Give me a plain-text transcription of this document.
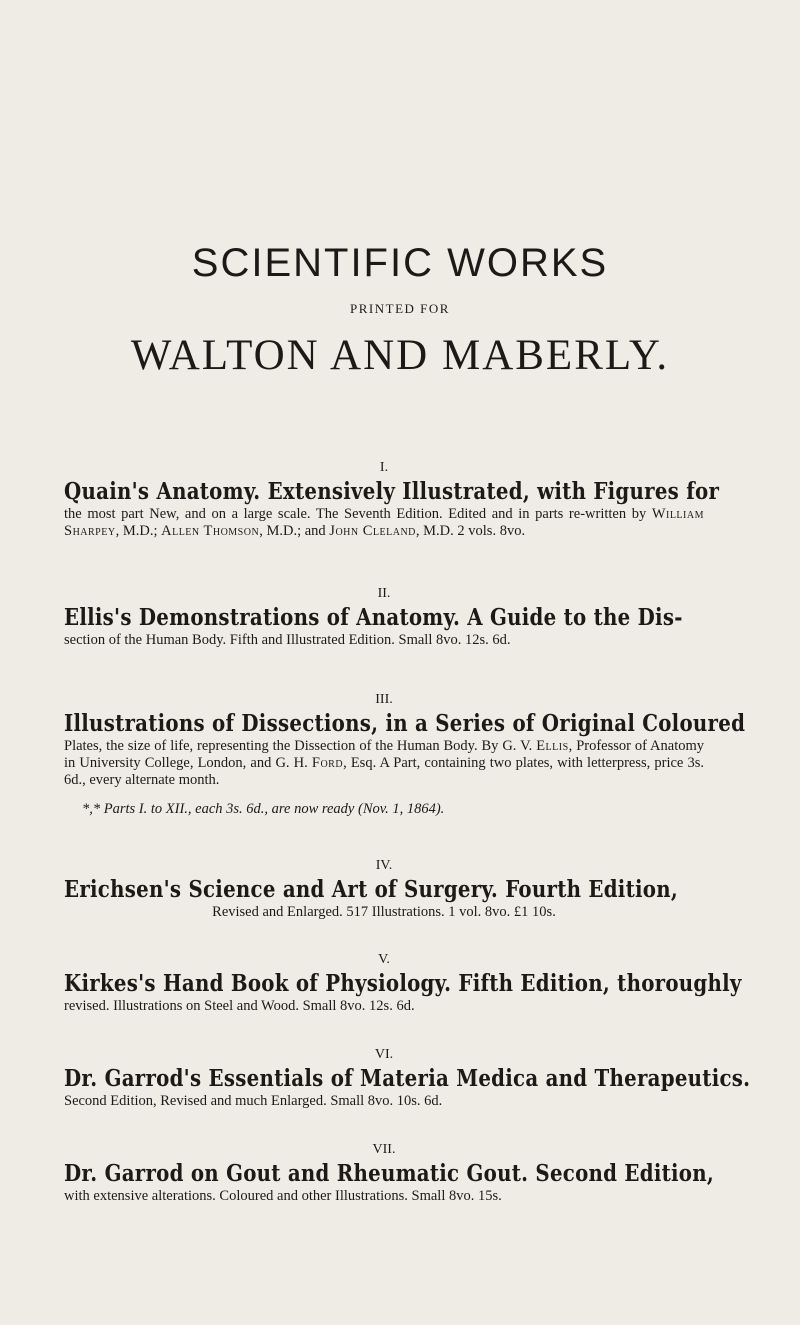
SCIENTIFIC WORKS
PRINTED FOR
WALTON AND MABERLY.
I.
Quain's Anatomy. Extensively Illustrated, with Figures for
the most part New, and on a large scale. The Seventh Edition. Edited and in parts re-written by William Sharpey, M.D.; Allen Thomson, M.D.; and John Cleland, M.D. 2 vols. 8vo.
II.
Ellis's Demonstrations of Anatomy. A Guide to the Dis-
section of the Human Body. Fifth and Illustrated Edition. Small 8vo. 12s. 6d.
III.
Illustrations of Dissections, in a Series of Original Coloured
Plates, the size of life, representing the Dissection of the Human Body. By G. V. Ellis, Professor of Anatomy in University College, London, and G. H. Ford, Esq. A Part, containing two plates, with letterpress, price 3s. 6d., every alternate month.
*,* Parts I. to XII., each 3s. 6d., are now ready (Nov. 1, 1864).
IV.
Erichsen's Science and Art of Surgery. Fourth Edition,
Revised and Enlarged. 517 Illustrations. 1 vol. 8vo. £1 10s.
V.
Kirkes's Hand Book of Physiology. Fifth Edition, thoroughly
revised. Illustrations on Steel and Wood. Small 8vo. 12s. 6d.
VI.
Dr. Garrod's Essentials of Materia Medica and Therapeutics.
Second Edition, Revised and much Enlarged. Small 8vo. 10s. 6d.
VII.
Dr. Garrod on Gout and Rheumatic Gout. Second Edition,
with extensive alterations. Coloured and other Illustrations. Small 8vo. 15s.
